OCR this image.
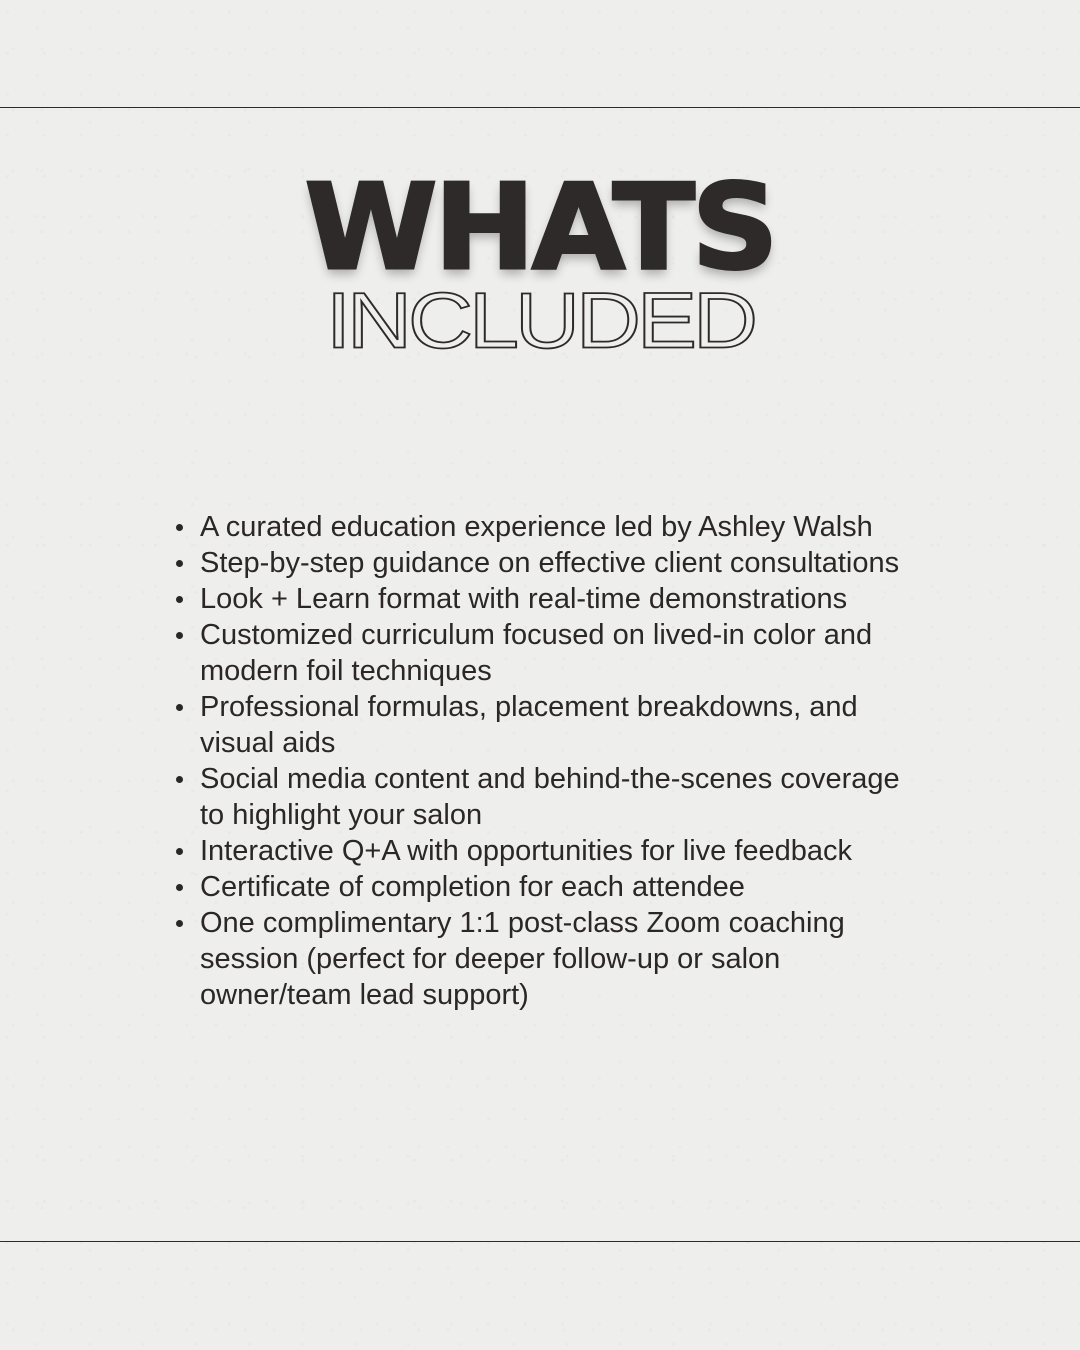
WHATS
INCLUDED
A curated education experience led by Ashley Walsh
Step-by-step guidance on effective client consultations
Look + Learn format with real-time demonstrations
Customized curriculum focused on lived-in color and modern foil techniques
Professional formulas, placement breakdowns, and visual aids
Social media content and behind-the-scenes coverage to highlight your salon
Interactive Q+A with opportunities for live feedback
Certificate of completion for each attendee
One complimentary 1:1 post-class Zoom coaching session (perfect for deeper follow-up or salon owner/team lead support)
